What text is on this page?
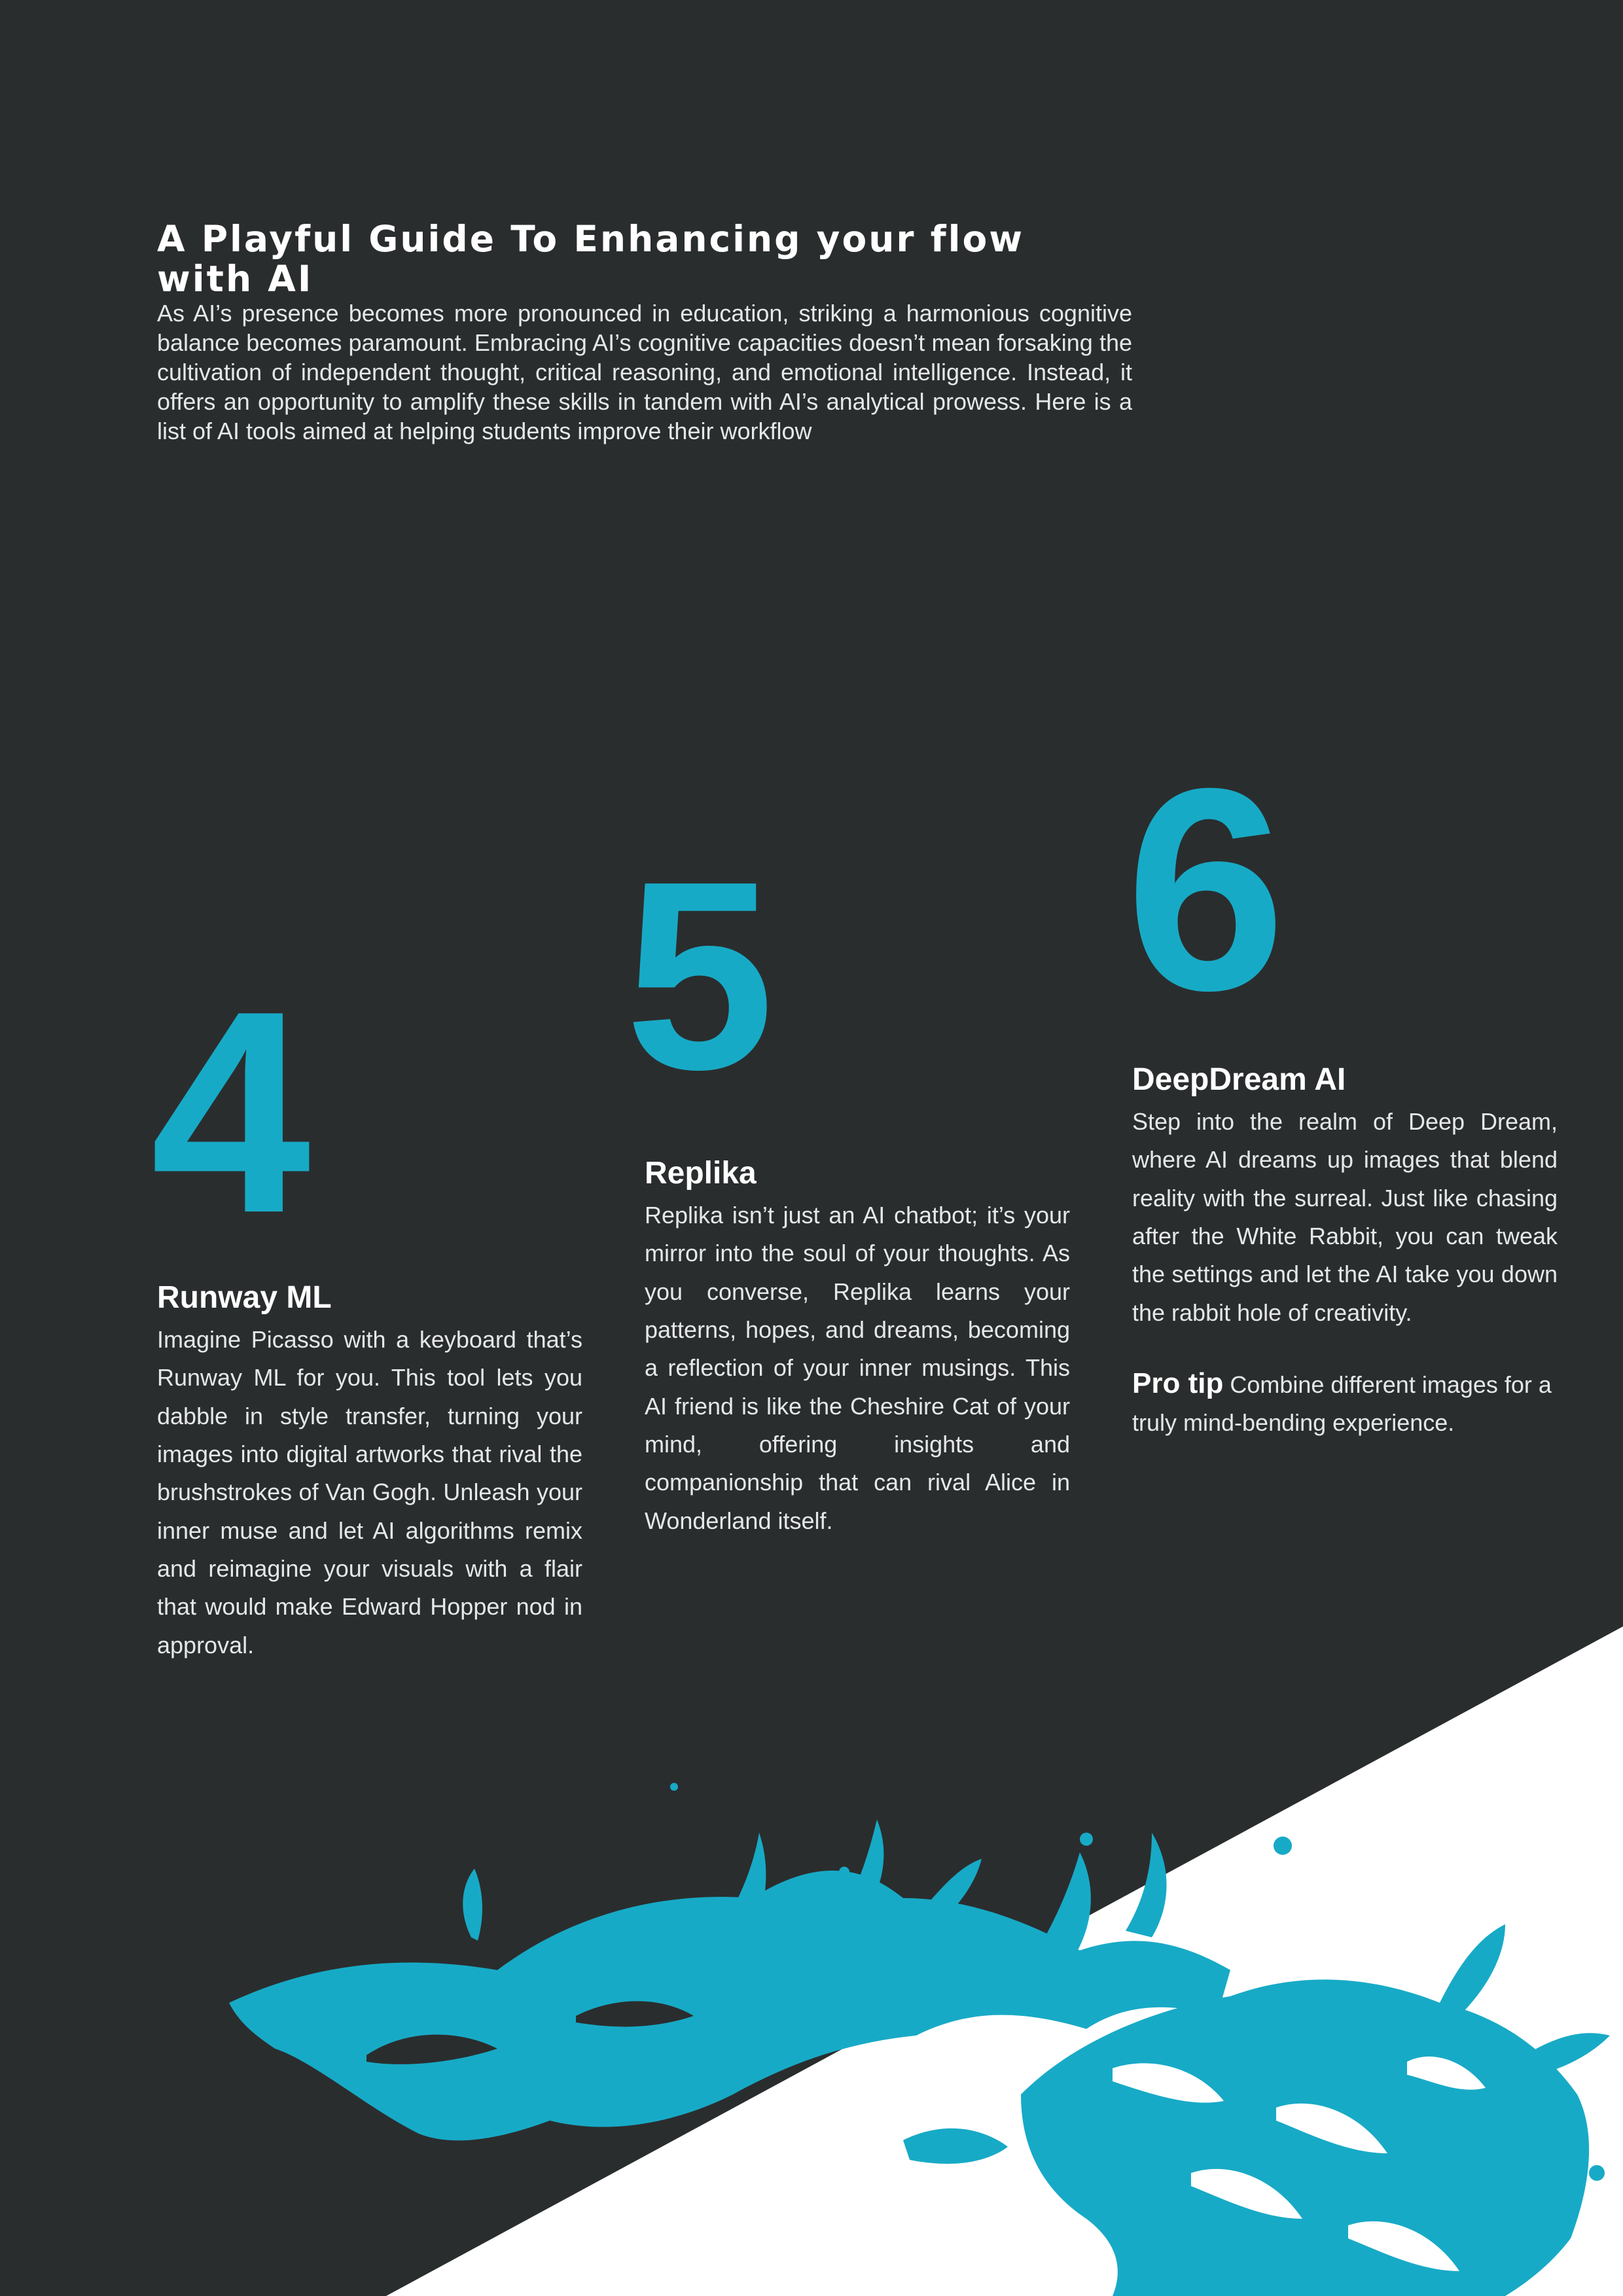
A Playful Guide To Enhancing your flow with AI

As AI’s presence becomes more pronounced in education, striking a harmonious cognitive balance becomes paramount. Embracing AI’s cognitive capacities doesn’t mean forsaking the cultivation of independent thought, critical reasoning, and emotional intelligence. Instead, it offers an opportunity to amplify these skills in tandem with AI’s analytical prowess. Here is a list of AI tools aimed at helping students improve their workflow

4 5 6
Runway ML

Imagine Picasso with a keyboard that’s Runway ML for you. This tool lets you dabble in style transfer, turning your images into digital artworks that rival the brushstrokes of Van Gogh. Unleash your inner muse and let AI algorithms remix and reimagine your visuals with a flair that would make Edward Hopper nod in approval.

Replika

Replika isn’t just an AI chatbot; it’s your mirror into the soul of your thoughts. As you converse, Replika learns your patterns, hopes, and dreams, becoming a reflection of your inner musings. This AI friend is like the Cheshire Cat of your mind, offering insights and companionship that can rival Alice in Wonderland itself.

DeepDream AI

Step into the realm of Deep Dream, where AI dreams up images that blend reality with the surreal. Just like chasing after the White Rabbit, you can tweak the settings and let the AI take you down the rabbit hole of creativity.

Pro tip Combine different images for a truly mind-bending experience.
